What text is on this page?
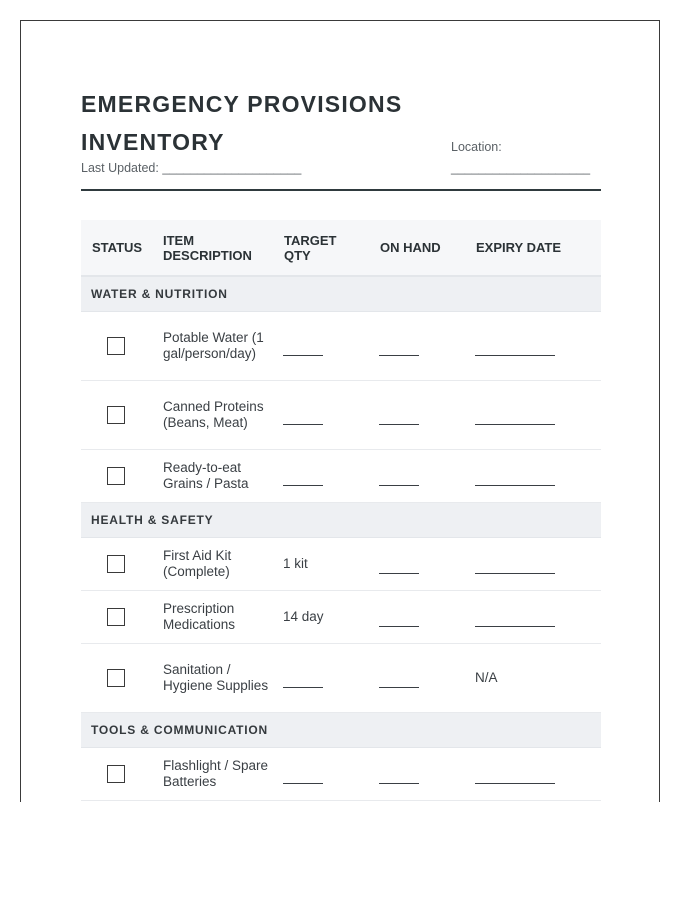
EMERGENCY PROVISIONS INVENTORY
Last Updated: ____________________
Location:
____________________
STATUS	ITEM DESCRIPTION	TARGET QTY	ON HAND	EXPIRY DATE
WATER & NUTRITION				

	Potable Water (1 gal/person/day)			

	Canned Proteins (Beans, Meat)			

	Ready-to-eat Grains / Pasta			
HEALTH & SAFETY				

	First Aid Kit (Complete)	1 kit		

	Prescription Medications	14 day		

	Sanitation / Hygiene Supplies			N/A
TOOLS & COMMUNICATION				

	Flashlight / Spare Batteries			
